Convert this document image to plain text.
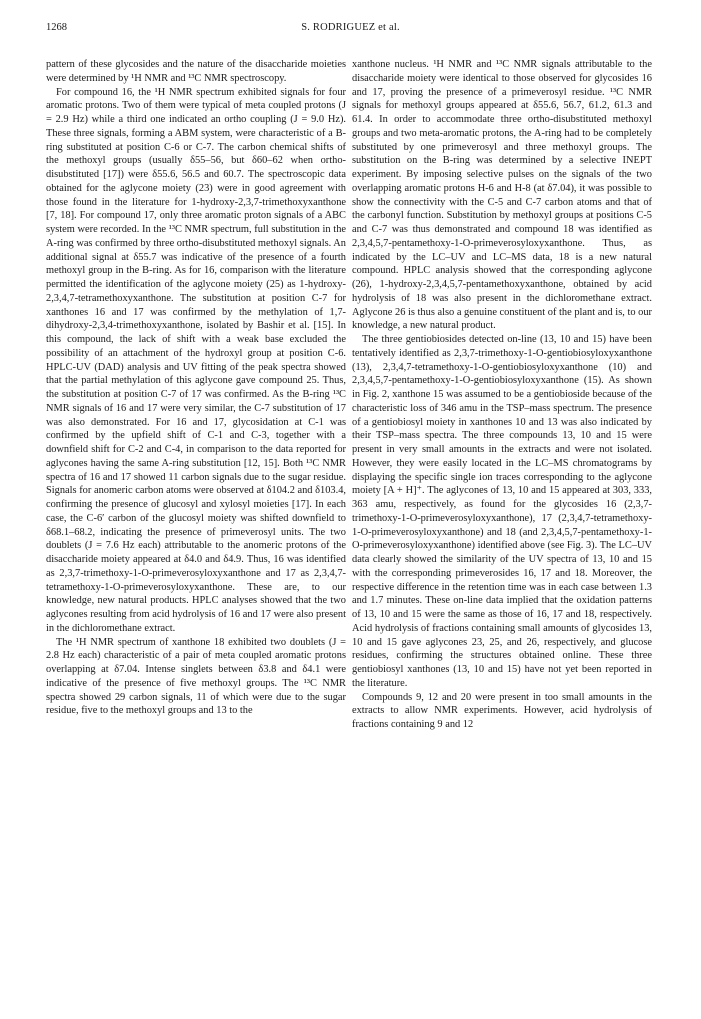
1268	S. RODRIGUEZ et al.

pattern of these glycosides and the nature of the disaccharide moieties were determined by ¹H NMR and ¹³C NMR spectroscopy.

For compound 16, the ¹H NMR spectrum exhibited signals for four aromatic protons. Two of them were typical of meta coupled protons (J = 2.9 Hz) while a third one indicated an ortho coupling (J = 9.0 Hz). These three signals, forming a ABM system, were characteristic of a B-ring substituted at position C-6 or C-7. The carbon chemical shifts of the methoxyl groups (usually δ55–56, but δ60–62 when ortho-disubstituted [17]) were δ55.6, 56.5 and 60.7. The spectroscopic data obtained for the aglycone moiety (23) were in good agreement with those found in the literature for 1-hydroxy-2,3,7-trimethoxyxanthone [7, 18]. For compound 17, only three aromatic proton signals of a ABC system were recorded. In the ¹³C NMR spectrum, full substitution in the A-ring was confirmed by three ortho-disubstituted methoxyl signals. An additional signal at δ55.7 was indicative of the presence of a fourth methoxyl group in the B-ring. As for 16, comparison with the literature permitted the identification of the aglycone moiety (25) as 1-hydroxy-2,3,4,7-tetramethoxyxanthone. The substitution at position C-7 for xanthones 16 and 17 was confirmed by the methylation of 1,7-dihydroxy-2,3,4-trimethoxyxanthone, isolated by Bashir et al. [15]. In this compound, the lack of shift with a weak base excluded the possibility of an attachment of the hydroxyl group at position C-6. HPLC-UV (DAD) analysis and UV fitting of the peak spectra showed that the partial methylation of this aglycone gave compound 25. Thus, the substitution at position C-7 of 17 was confirmed. As the B-ring ¹³C NMR signals of 16 and 17 were very similar, the C-7 substitution of 17 was also demonstrated. For 16 and 17, glycosidation at C-1 was confirmed by the upfield shift of C-1 and C-3, together with a downfield shift for C-2 and C-4, in comparison to the data reported for aglycones having the same A-ring substitution [12, 15]. Both ¹³C NMR spectra of 16 and 17 showed 11 carbon signals due to the sugar residue. Signals for anomeric carbon atoms were observed at δ104.2 and δ103.4, confirming the presence of glucosyl and xylosyl moieties [17]. In each case, the C-6′ carbon of the glucosyl moiety was shifted downfield to δ68.1–68.2, indicating the presence of primeverosyl units. The two doublets (J = 7.6 Hz each) attributable to the anomeric protons of the disaccharide moiety appeared at δ4.0 and δ4.9. Thus, 16 was identified as 2,3,7-trimethoxy-1-O-primeverosyloxyxanthone and 17 as 2,3,4,7-tetramethoxy-1-O-primeverosyloxyxanthone. These are, to our knowledge, new natural products. HPLC analyses showed that the two aglycones resulting from acid hydrolysis of 16 and 17 were also present in the dichloromethane extract.

The ¹H NMR spectrum of xanthone 18 exhibited two doublets (J = 2.8 Hz each) characteristic of a pair of meta coupled aromatic protons overlapping at δ7.04. Intense singlets between δ3.8 and δ4.1 were indicative of the presence of five methoxyl groups. The ¹³C NMR spectra showed 29 carbon signals, 11 of which were due to the sugar residue, five to the methoxyl groups and 13 to the

xanthone nucleus. ¹H NMR and ¹³C NMR signals attributable to the disaccharide moiety were identical to those observed for glycosides 16 and 17, proving the presence of a primeverosyl residue. ¹³C NMR signals for methoxyl groups appeared at δ55.6, 56.7, 61.2, 61.3 and 61.4. In order to accommodate three ortho-disubstituted methoxyl groups and two meta-aromatic protons, the A-ring had to be completely substituted by one primeverosyl and three methoxyl groups. The substitution on the B-ring was determined by a selective INEPT experiment. By imposing selective pulses on the signals of the two overlapping aromatic protons H-6 and H-8 (at δ7.04), it was possible to show the connectivity with the C-5 and C-7 carbon atoms and that of the carbonyl function. Substitution by methoxyl groups at positions C-5 and C-7 was thus demonstrated and compound 18 was identified as 2,3,4,5,7-pentamethoxy-1-O-primeverosyloxyxanthone. Thus, as indicated by the LC–UV and LC–MS data, 18 is a new natural compound. HPLC analysis showed that the corresponding aglycone (26), 1-hydroxy-2,3,4,5,7-pentamethoxyxanthone, obtained by acid hydrolysis of 18 was also present in the dichloromethane extract. Aglycone 26 is thus also a genuine constituent of the plant and is, to our knowledge, a new natural product.

The three gentiobiosides detected on-line (13, 10 and 15) have been tentatively identified as 2,3,7-trimethoxy-1-O-gentiobiosyloxyxanthone (13), 2,3,4,7-tetramethoxy-1-O-gentiobiosyloxyxanthone (10) and 2,3,4,5,7-pentamethoxy-1-O-gentiobiosyloxyxanthone (15). As shown in Fig. 2, xanthone 15 was assumed to be a gentiobioside because of the characteristic loss of 346 amu in the TSP–mass spectrum. The presence of a gentiobiosyl moiety in xanthones 10 and 13 was also indicated by their TSP–mass spectra. The three compounds 13, 10 and 15 were present in very small amounts in the extracts and were not isolated. However, they were easily located in the LC–MS chromatograms by displaying the specific single ion traces corresponding to the aglycone moiety [A + H]⁺. The aglycones of 13, 10 and 15 appeared at 303, 333, 363 amu, respectively, as found for the glycosides 16 (2,3,7-trimethoxy-1-O-primeverosyloxyxanthone), 17 (2,3,4,7-tetramethoxy-1-O-primeverosyloxyxanthone) and 18 (and 2,3,4,5,7-pentamethoxy-1-O-primeverosyloxyxanthone) identified above (see Fig. 3). The LC–UV data clearly showed the similarity of the UV spectra of 13, 10 and 15 with the corresponding primeverosides 16, 17 and 18. Moreover, the respective difference in the retention time was in each case between 1.3 and 1.7 minutes. These on-line data implied that the oxidation patterns of 13, 10 and 15 were the same as those of 16, 17 and 18, respectively. Acid hydrolysis of fractions containing small amounts of glycosides 13, 10 and 15 gave aglycones 23, 25, and 26, respectively, and glucose residues, confirming the structures obtained online. These three gentiobiosyl xanthones (13, 10 and 15) have not yet been reported in the literature.

Compounds 9, 12 and 20 were present in too small amounts in the extracts to allow NMR experiments. However, acid hydrolysis of fractions containing 9 and 12
